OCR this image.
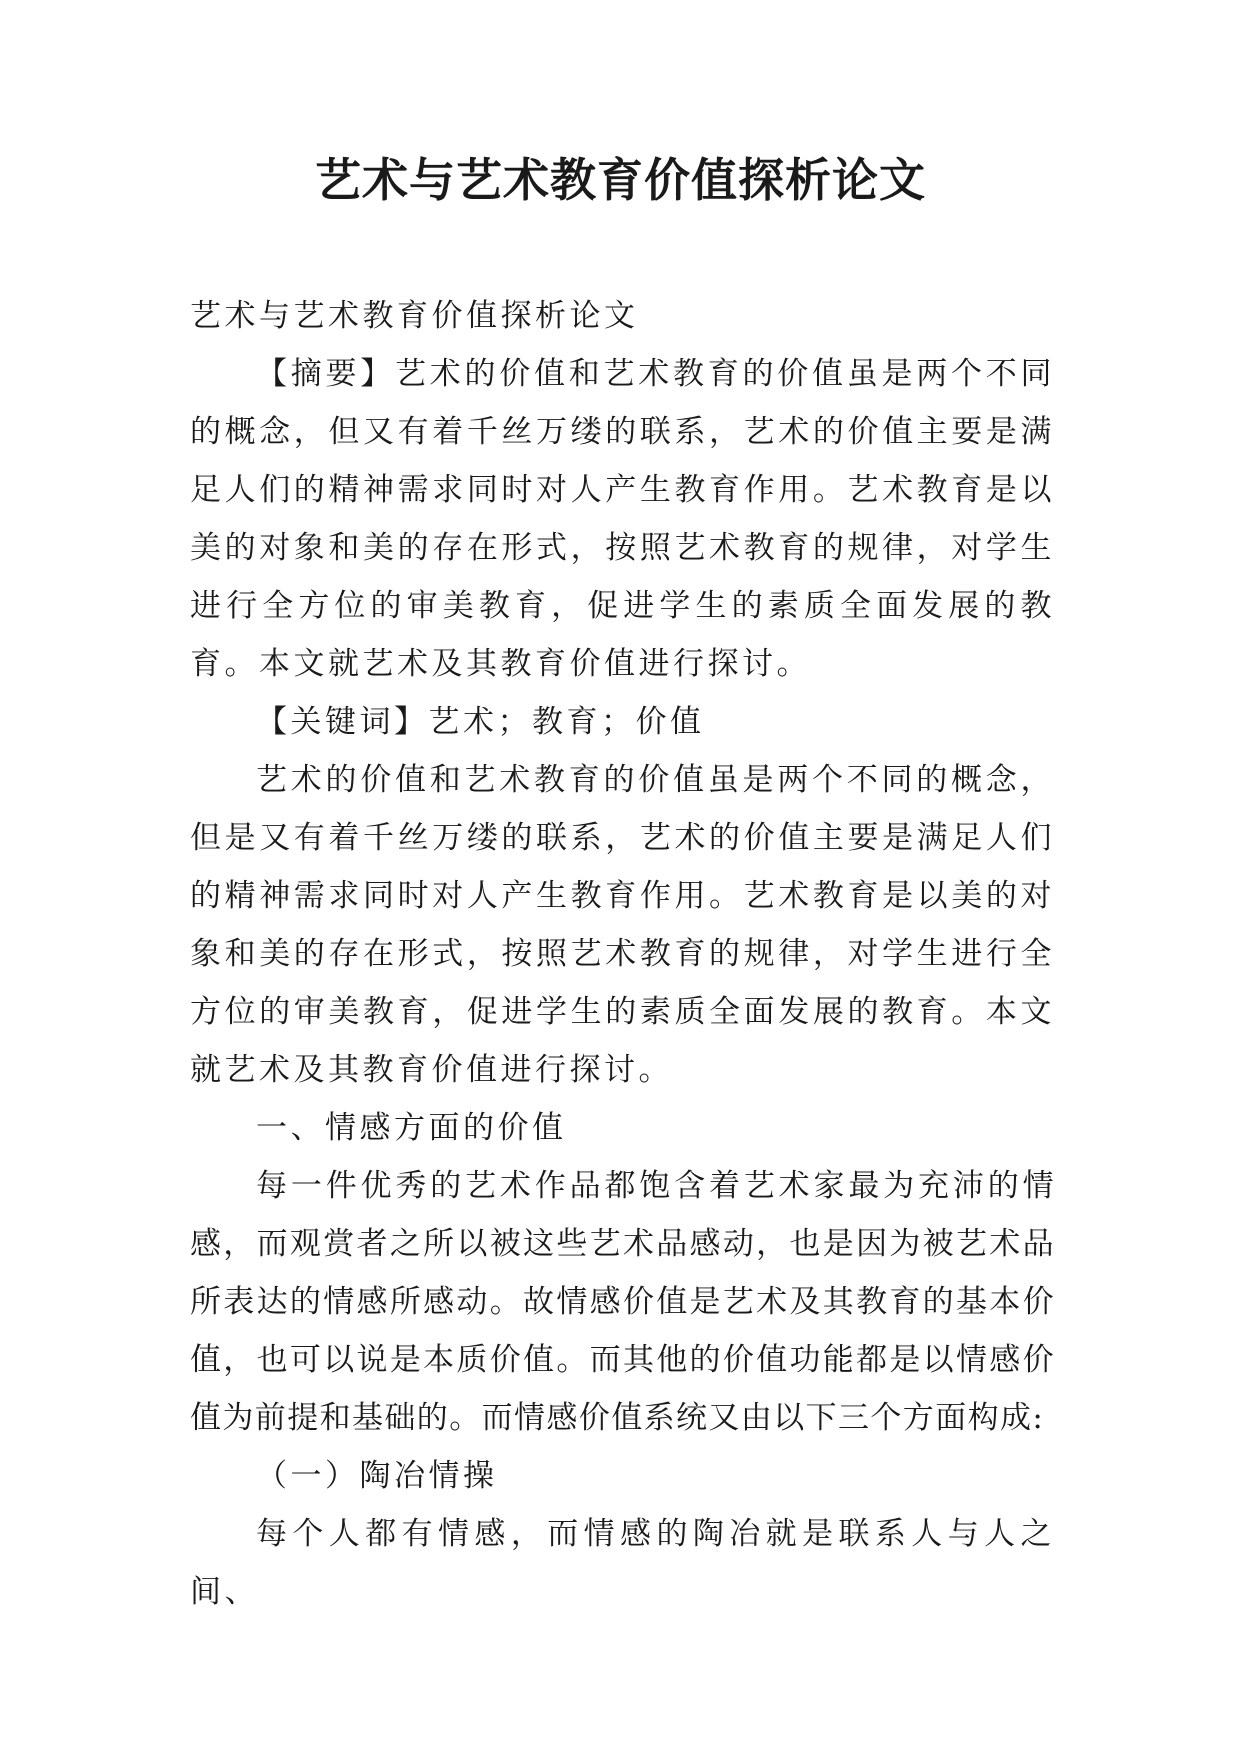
艺术与艺术教育价值探析论文

艺术与艺术教育价值探析论文

【摘要】艺术的价值和艺术教育的价值虽是两个不同的概念，但又有着千丝万缕的联系，艺术的价值主要是满足人们的精神需求同时对人产生教育作用。艺术教育是以美的对象和美的存在形式，按照艺术教育的规律，对学生进行全方位的审美教育，促进学生的素质全面发展的教育。本文就艺术及其教育价值进行探讨。

【关键词】艺术；教育；价值

艺术的价值和艺术教育的价值虽是两个不同的概念，但是又有着千丝万缕的联系，艺术的价值主要是满足人们的精神需求同时对人产生教育作用。艺术教育是以美的对象和美的存在形式，按照艺术教育的规律，对学生进行全方位的审美教育，促进学生的素质全面发展的教育。本文就艺术及其教育价值进行探讨。

一、情感方面的价值

每一件优秀的艺术作品都饱含着艺术家最为充沛的情感，而观赏者之所以被这些艺术品感动，也是因为被艺术品所表达的情感所感动。故情感价值是艺术及其教育的基本价值，也可以说是本质价值。而其他的价值功能都是以情感价值为前提和基础的。而情感价值系统又由以下三个方面构成:

（一）陶冶情操

每个人都有情感，而情感的陶冶就是联系人与人之间、
